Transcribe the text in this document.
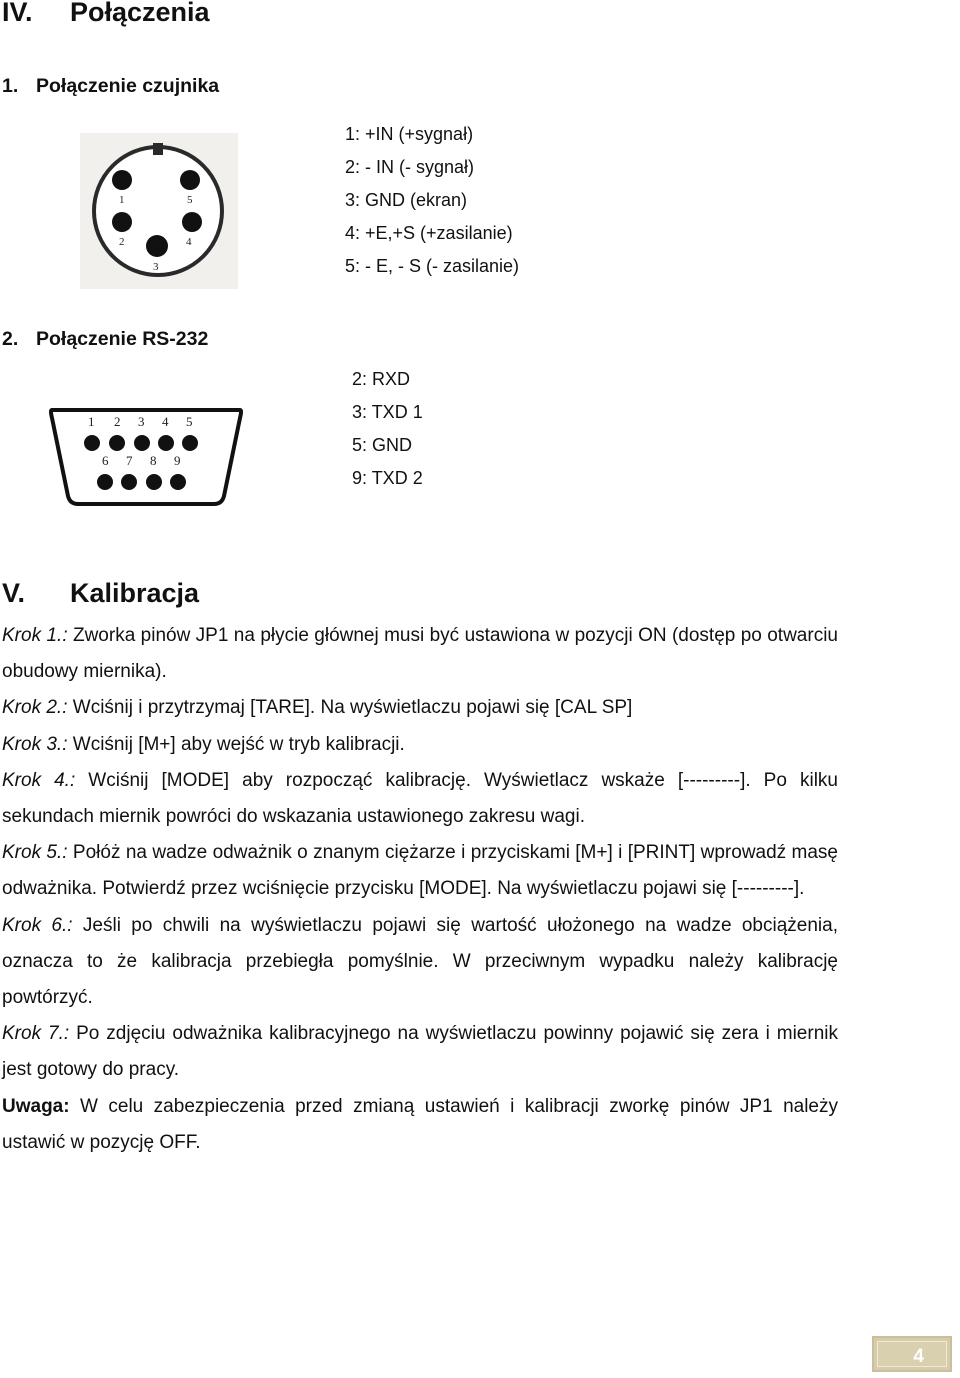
IV. Połączenia
1. Połączenie czujnika
1
2
3
4
5
1: +IN (+sygnał)
2: - IN (- sygnał)
3: GND (ekran)
4: +E,+S (+zasilanie)
5: - E, - S (- zasilanie)
2. Połączenie RS-232
1 2 3 4 5
6 7 8 9
2: RXD
3: TXD 1
5: GND
9: TXD 2
V. Kalibracja
Krok 1.: Zworka pinów JP1 na płycie głównej musi być ustawiona w pozycji ON (dostęp po otwarciu obudowy miernika).
Krok 2.: Wciśnij i przytrzymaj [TARE]. Na wyświetlaczu pojawi się [CAL SP]
Krok 3.: Wciśnij [M+] aby wejść w tryb kalibracji.
Krok 4.: Wciśnij [MODE] aby rozpocząć kalibrację. Wyświetlacz wskaże [---------]. Po kilku sekundach miernik powróci do wskazania ustawionego zakresu wagi.
Krok 5.: Połóż na wadze odważnik o znanym ciężarze i przyciskami [M+] i [PRINT] wprowadź masę odważnika. Potwierdź przez wciśnięcie przycisku [MODE]. Na wyświetlaczu pojawi się [---------].
Krok 6.: Jeśli po chwili na wyświetlaczu pojawi się wartość ułożonego na wadze obciążenia, oznacza to że kalibracja przebiegła pomyślnie. W przeciwnym wypadku należy kalibrację powtórzyć.
Krok 7.: Po zdjęciu odważnika kalibracyjnego na wyświetlaczu powinny pojawić się zera i miernik jest gotowy do pracy.
Uwaga: W celu zabezpieczenia przed zmianą ustawień i kalibracji zworkę pinów JP1 należy ustawić w pozycję OFF.
4
